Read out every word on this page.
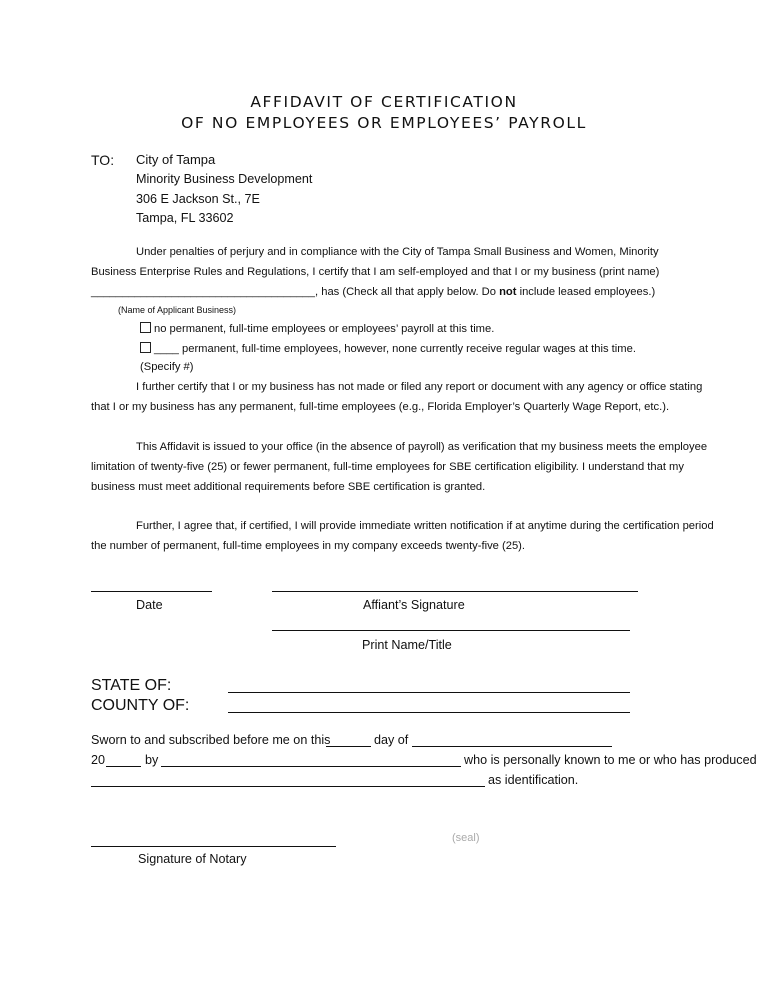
AFFIDAVIT OF CERTIFICATION
OF NO EMPLOYEES OR EMPLOYEES’ PAYROLL
TO: City of Tampa
Minority Business Development
306 E Jackson St., 7E
Tampa, FL 33602
Under penalties of perjury and in compliance with the City of Tampa Small Business and Women, Minority
Business Enterprise Rules and Regulations, I certify that I am self-employed and that I or my business (print name)
____________________________________, has (Check all that apply below. Do not include leased employees.)
(Name of Applicant Business)
no permanent, full-time employees or employees’ payroll at this time.
____ permanent, full-time employees, however, none currently receive regular wages at this time.
(Specify #)
I further certify that I or my business has not made or filed any report or document with any agency or office stating
that I or my business has any permanent, full-time employees (e.g., Florida Employer’s Quarterly Wage Report, etc.).
This Affidavit is issued to your office (in the absence of payroll) as verification that my business meets the employee
limitation of twenty-five (25) or fewer permanent, full-time employees for SBE certification eligibility. I understand that my
business must meet additional requirements before SBE certification is granted.
Further, I agree that, if certified, I will provide immediate written notification if at anytime during the certification period
the number of permanent, full-time employees in my company exceeds twenty-five (25).
Date	Affiant’s Signature
Print Name/Title
STATE OF:
COUNTY OF:
Sworn to and subscribed before me on this	day of
20	by	who is personally known to me or who has produced
as identification.
(seal)
Signature of Notary
